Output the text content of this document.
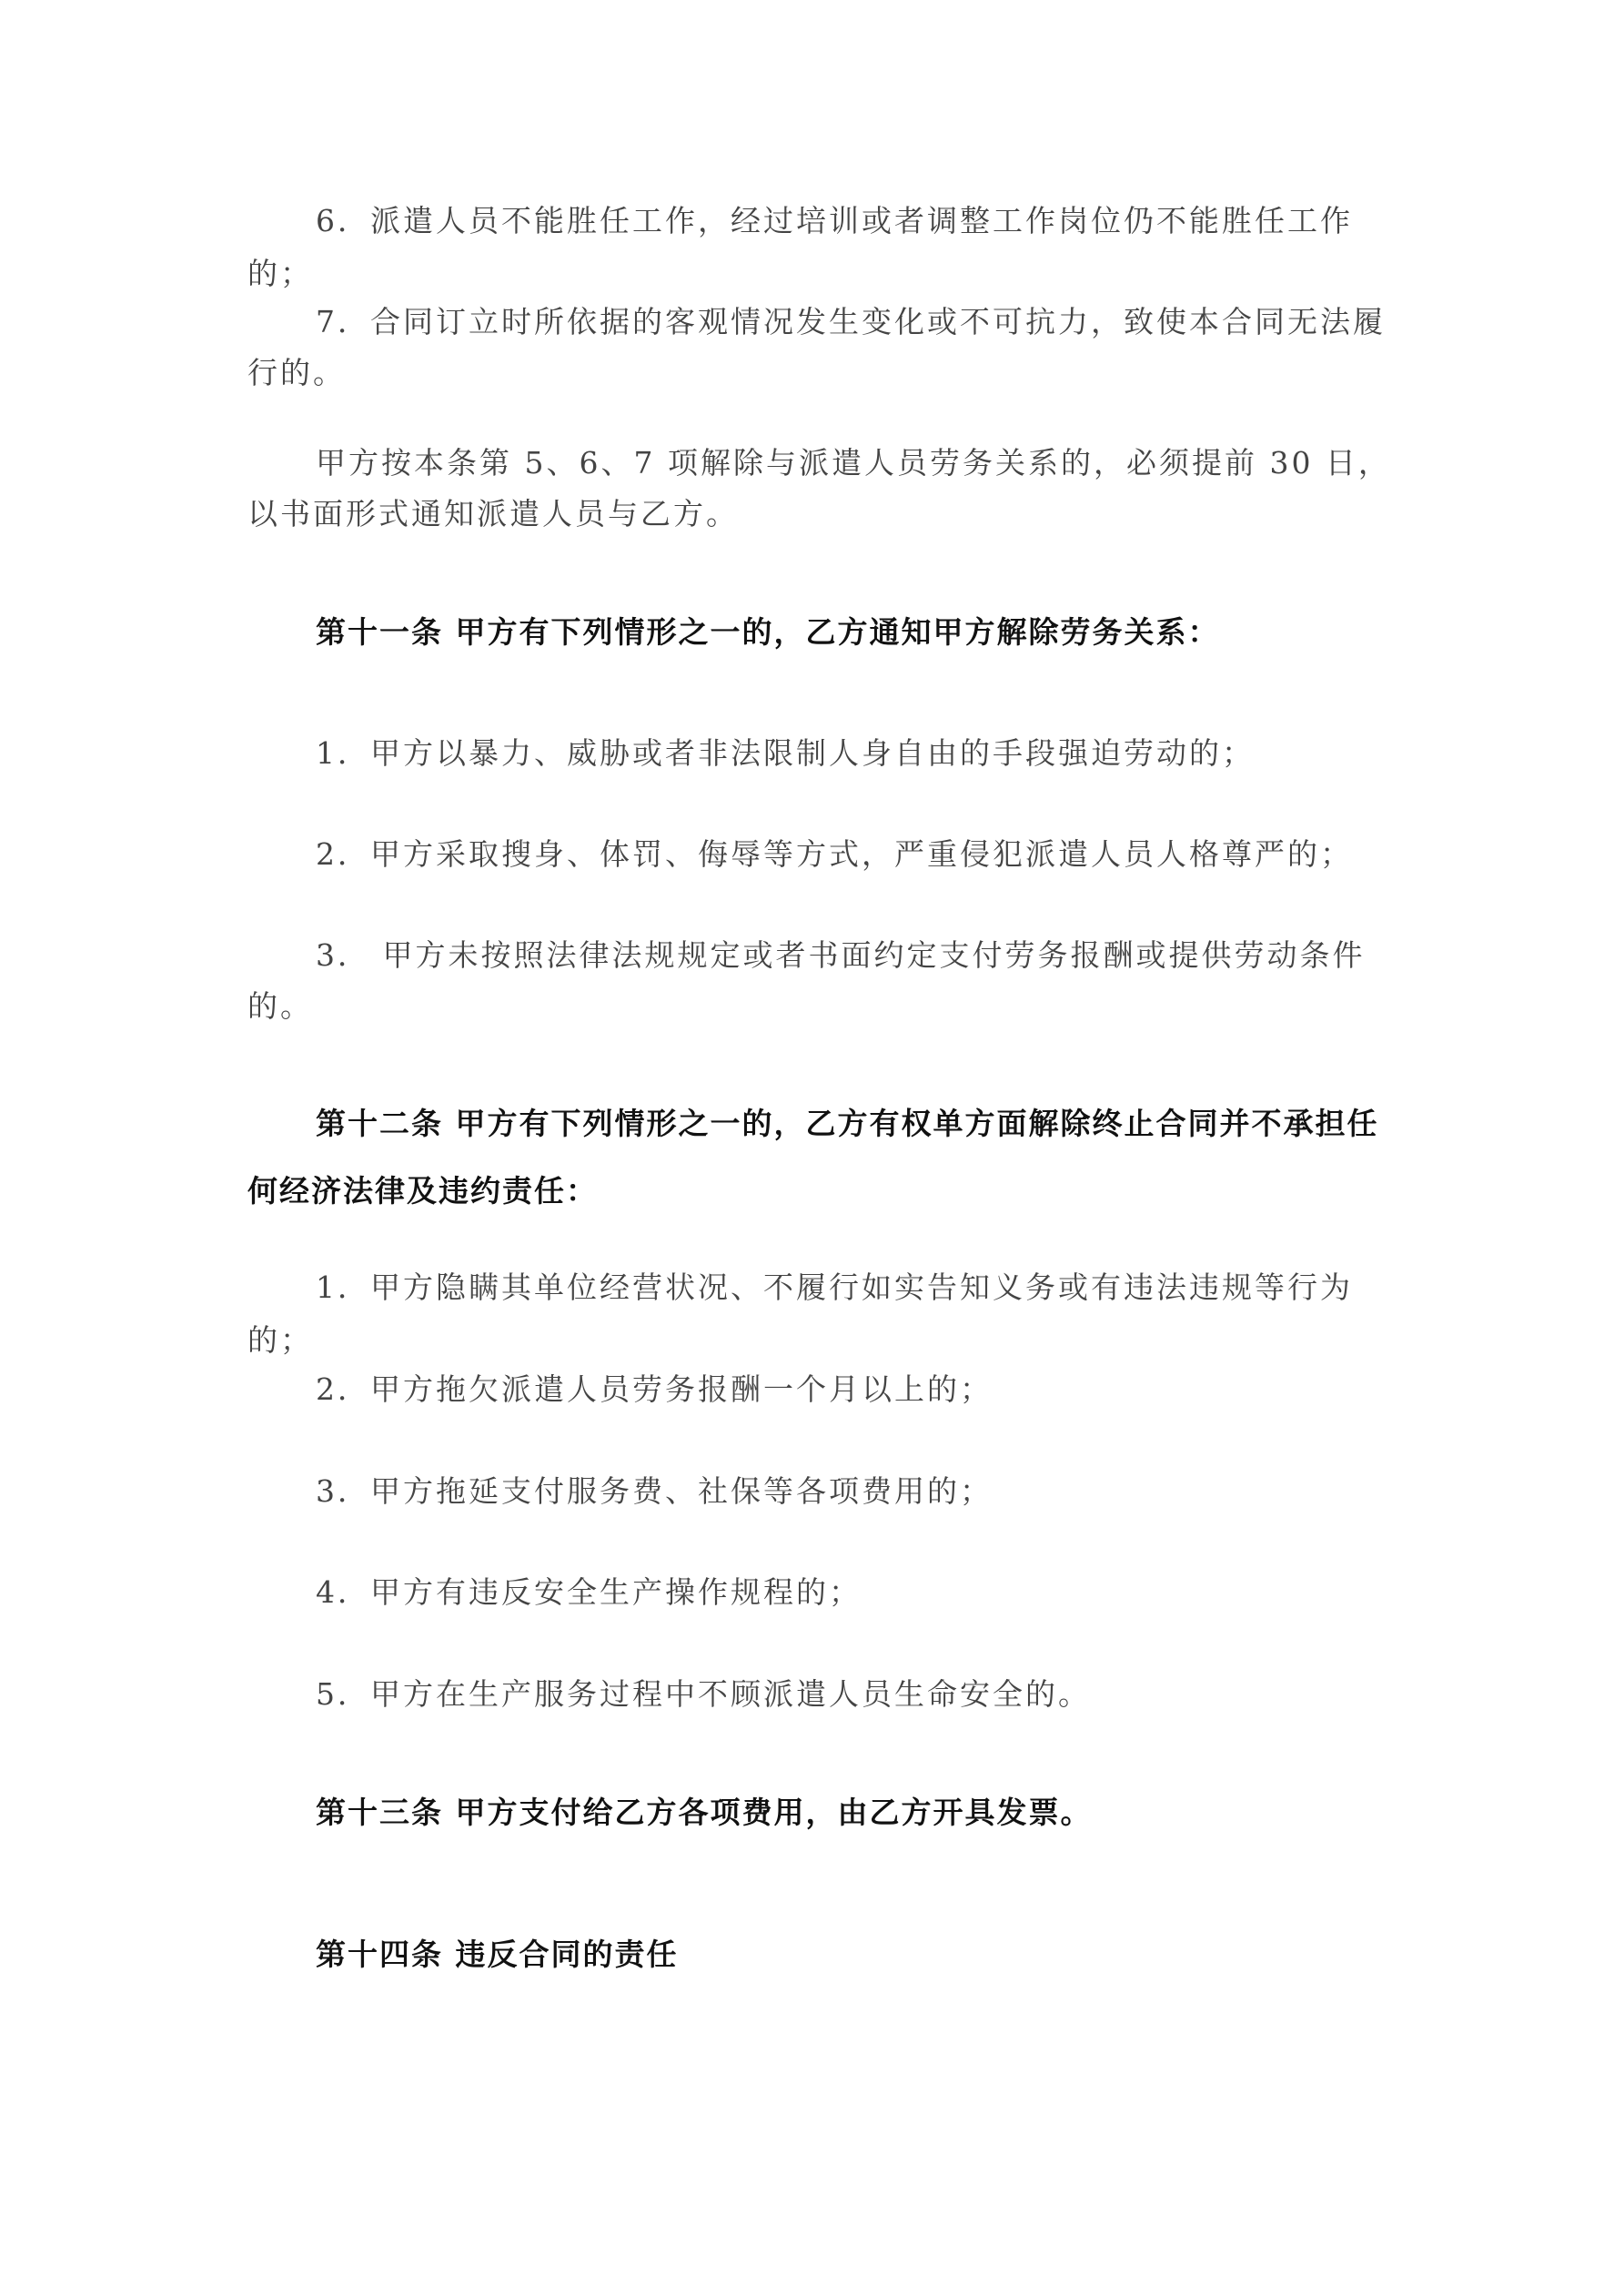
6．派遣人员不能胜任工作，经过培训或者调整工作岗位仍不能胜任工作的；

7．合同订立时所依据的客观情况发生变化或不可抗力，致使本合同无法履行的。

甲方按本条第 5、6、7 项解除与派遣人员劳务关系的，必须提前 30 日，以书面形式通知派遣人员与乙方。

第十一条 甲方有下列情形之一的，乙方通知甲方解除劳务关系：

1．甲方以暴力、威胁或者非法限制人身自由的手段强迫劳动的；

2．甲方采取搜身、体罚、侮辱等方式，严重侵犯派遣人员人格尊严的；

3． 甲方未按照法律法规规定或者书面约定支付劳务报酬或提供劳动条件的。

第十二条 甲方有下列情形之一的，乙方有权单方面解除终止合同并不承担任何经济法律及违约责任：

1．甲方隐瞒其单位经营状况、不履行如实告知义务或有违法违规等行为的；

2．甲方拖欠派遣人员劳务报酬一个月以上的；

3．甲方拖延支付服务费、社保等各项费用的；

4．甲方有违反安全生产操作规程的；

5．甲方在生产服务过程中不顾派遣人员生命安全的。

第十三条 甲方支付给乙方各项费用，由乙方开具发票。

第十四条 违反合同的责任
